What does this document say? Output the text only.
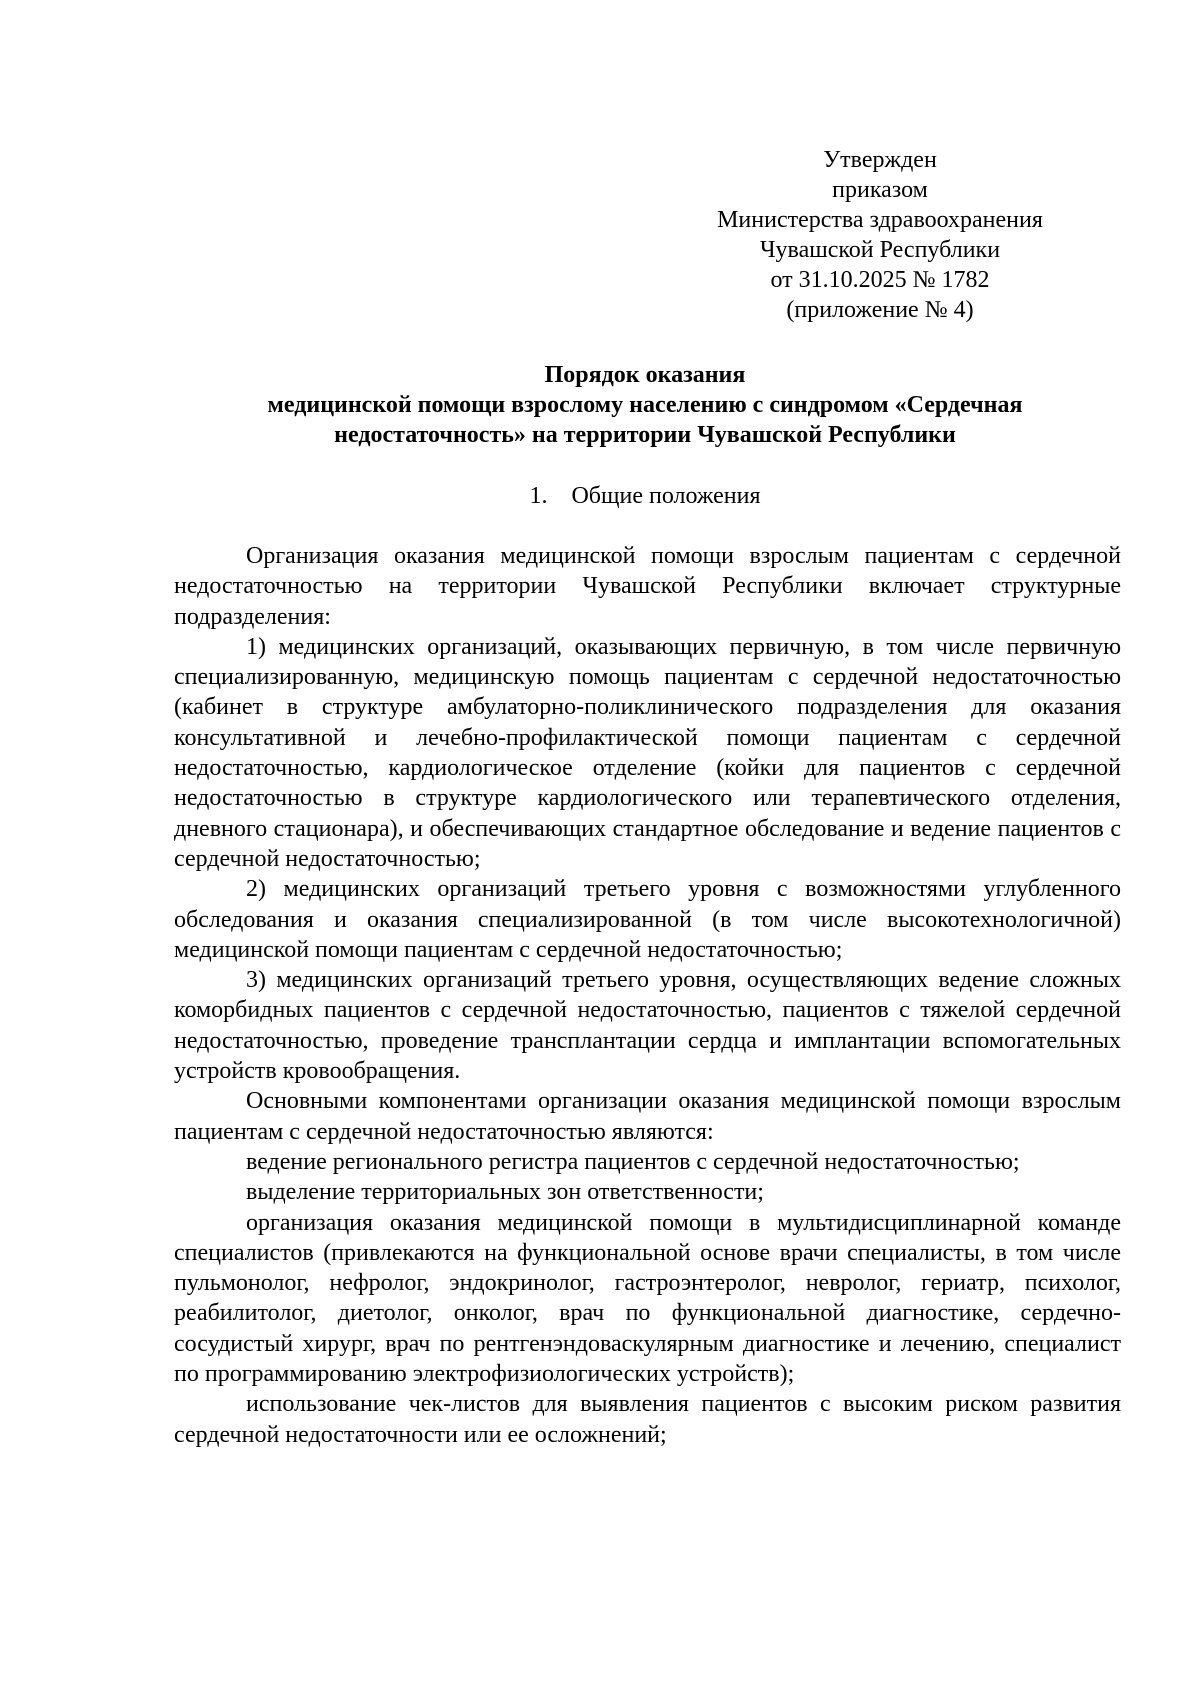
Утвержден
приказом
Министерства здравоохранения
Чувашской Республики
от 31.10.2025 № 1782
(приложение № 4)
Порядок оказания
медицинской помощи взрослому населению с синдромом «Сердечная
недостаточность» на территории Чувашской Республики
1. Общие положения

Организация оказания медицинской помощи взрослым пациентам с сердечной недостаточностью на территории Чувашской Республики включает структурные подразделения:

1) медицинских организаций, оказывающих первичную, в том числе первичную специализированную, медицинскую помощь пациентам с сердечной недостаточностью (кабинет в структуре амбулаторно-поликлинического подразделения для оказания консультативной и лечебно-профилактической помощи пациентам с сердечной недостаточностью, кардиологическое отделение (койки для пациентов с сердечной недостаточностью в структуре кардиологического или терапевтического отделения, дневного стационара), и обеспечивающих стандартное обследование и ведение пациентов с сердечной недостаточностью;

2) медицинских организаций третьего уровня с возможностями углубленного обследования и оказания специализированной (в том числе высокотехнологичной) медицинской помощи пациентам с сердечной недостаточностью;

3) медицинских организаций третьего уровня, осуществляющих ведение сложных коморбидных пациентов с сердечной недостаточностью, пациентов с тяжелой сердечной недостаточностью, проведение трансплантации сердца и имплантации вспомогательных устройств кровообращения.

Основными компонентами организации оказания медицинской помощи взрослым пациентам с сердечной недостаточностью являются:

ведение регионального регистра пациентов с сердечной недостаточностью;

выделение территориальных зон ответственности;

организация оказания медицинской помощи в мультидисциплинарной команде специалистов (привлекаются на функциональной основе врачи специалисты, в том числе пульмонолог, нефролог, эндокринолог, гастроэнтеролог, невролог, гериатр, психолог, реабилитолог, диетолог, онколог, врач по функциональной диагностике, сердечно-сосудистый хирург, врач по рентгенэндоваскулярным диагностике и лечению, специалист по программированию электрофизиологических устройств);

использование чек-листов для выявления пациентов с высоким риском развития сердечной недостаточности или ее осложнений;
